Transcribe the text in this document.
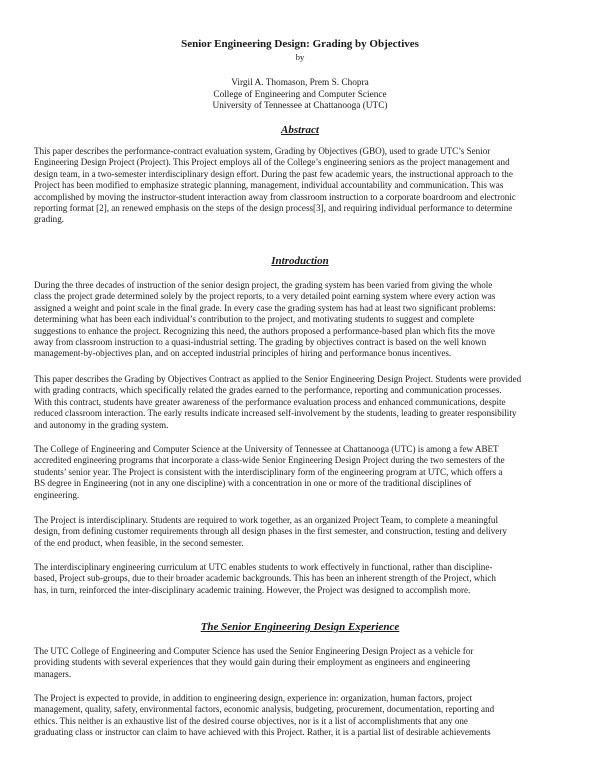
Senior Engineering Design: Grading by Objectives
by
Virgil A. Thomason, Prem S. Chopra
College of Engineering and Computer Science
University of Tennessee at Chattanooga (UTC)
Abstract
This paper describes the performance-contract evaluation system, Grading by Objectives (GBO), used to grade UTC’s Senior
Engineering Design Project (Project). This Project employs all of the College’s engineering seniors as the project management and
design team, in a two-semester interdisciplinary design effort. During the past few academic years, the instructional approach to the
Project has been modified to emphasize strategic planning, management, individual accountability and communication. This was
accomplished by moving the instructor-student interaction away from classroom instruction to a corporate boardroom and electronic
reporting format [2], an renewed emphasis on the steps of the design process[3], and requiring individual performance to determine
grading.
Introduction
During the three decades of instruction of the senior design project, the grading system has been varied from giving the whole
class the project grade determined solely by the project reports, to a very detailed point earning system where every action was
assigned a weight and point scale in the final grade. In every case the grading system has had at least two significant problems:
determining what has been each individual’s contribution to the project, and motivating students to suggest and complete
suggestions to enhance the project. Recognizing this need, the authors proposed a performance-based plan which fits the move
away from classroom instruction to a quasi-industrial setting. The grading by objectives contract is based on the well known
management-by-objectives plan, and on accepted industrial principles of hiring and performance bonus incentives.
This paper describes the Grading by Objectives Contract as applied to the Senior Engineering Design Project. Students were provided
with grading contracts, which specifically related the grades earned to the performance, reporting and communication processes.
With this contract, students have greater awareness of the performance evaluation process and enhanced communications, despite
reduced classroom interaction. The early results indicate increased self-involvement by the students, leading to greater responsibility
and autonomy in the grading system.
The College of Engineering and Computer Science at the University of Tennessee at Chattanooga (UTC) is among a few ABET
accredited engineering programs that incorporate a class-wide Senior Engineering Design Project during the two semesters of the
students’ senior year. The Project is consistent with the interdisciplinary form of the engineering program at UTC, which offers a
BS degree in Engineering (not in any one discipline) with a concentration in one or more of the traditional disciplines of
engineering.
The Project is interdisciplinary. Students are required to work together, as an organized Project Team, to complete a meaningful
design, from defining customer requirements through all design phases in the first semester, and construction, testing and delivery
of the end product, when feasible, in the second semester.
The interdisciplinary engineering curriculum at UTC enables students to work effectively in functional, rather than discipline-
based, Project sub-groups, due to their broader academic backgrounds. This has been an inherent strength of the Project, which
has, in turn, reinforced the inter-disciplinary academic training. However, the Project was designed to accomplish more.
The Senior Engineering Design Experience
The UTC College of Engineering and Computer Science has used the Senior Engineering Design Project as a vehicle for
providing students with several experiences that they would gain during their employment as engineers and engineering
managers.
The Project is expected to provide, in addition to engineering design, experience in: organization, human factors, project
management, quality, safety, environmental factors, economic analysis, budgeting, procurement, documentation, reporting and
ethics. This neither is an exhaustive list of the desired course objectives, nor is it a list of accomplishments that any one
graduating class or instructor can claim to have achieved with this Project. Rather, it is a partial list of desirable achievements
